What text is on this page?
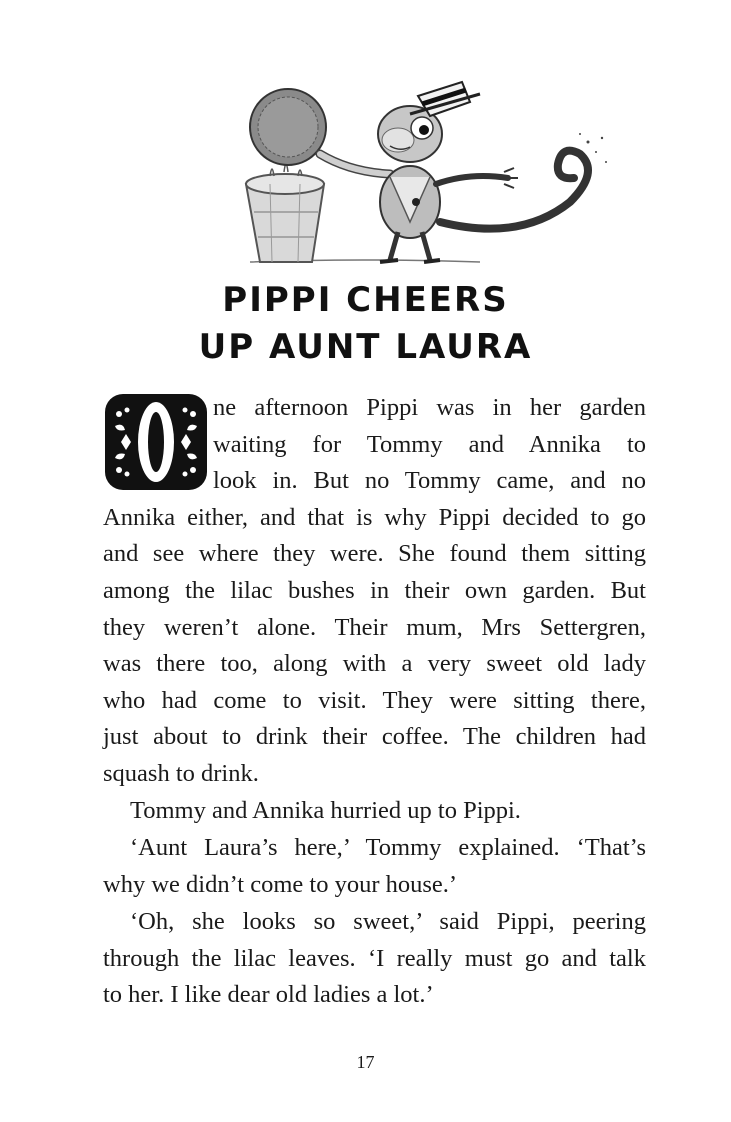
PIPPI CHEERS
UP AUNT LAURA
ne afternoon Pippi was in her garden
waiting for Tommy and Annika to
look in. But no Tommy came, and no
Annika either, and that is why Pippi decided to go
and see where they were. She found them sitting
among the lilac bushes in their own garden. But
they weren’t alone. Their mum, Mrs Settergren,
was there too, along with a very sweet old lady
who had come to visit. They were sitting there,
just about to drink their coffee. The children had
squash to drink.
Tommy and Annika hurried up to Pippi.
‘Aunt Laura’s here,’ Tommy explained. ‘That’s
why we didn’t come to your house.’
‘Oh, she looks so sweet,’ said Pippi, peering
through the lilac leaves. ‘I really must go and talk
to her. I like dear old ladies a lot.’
17
